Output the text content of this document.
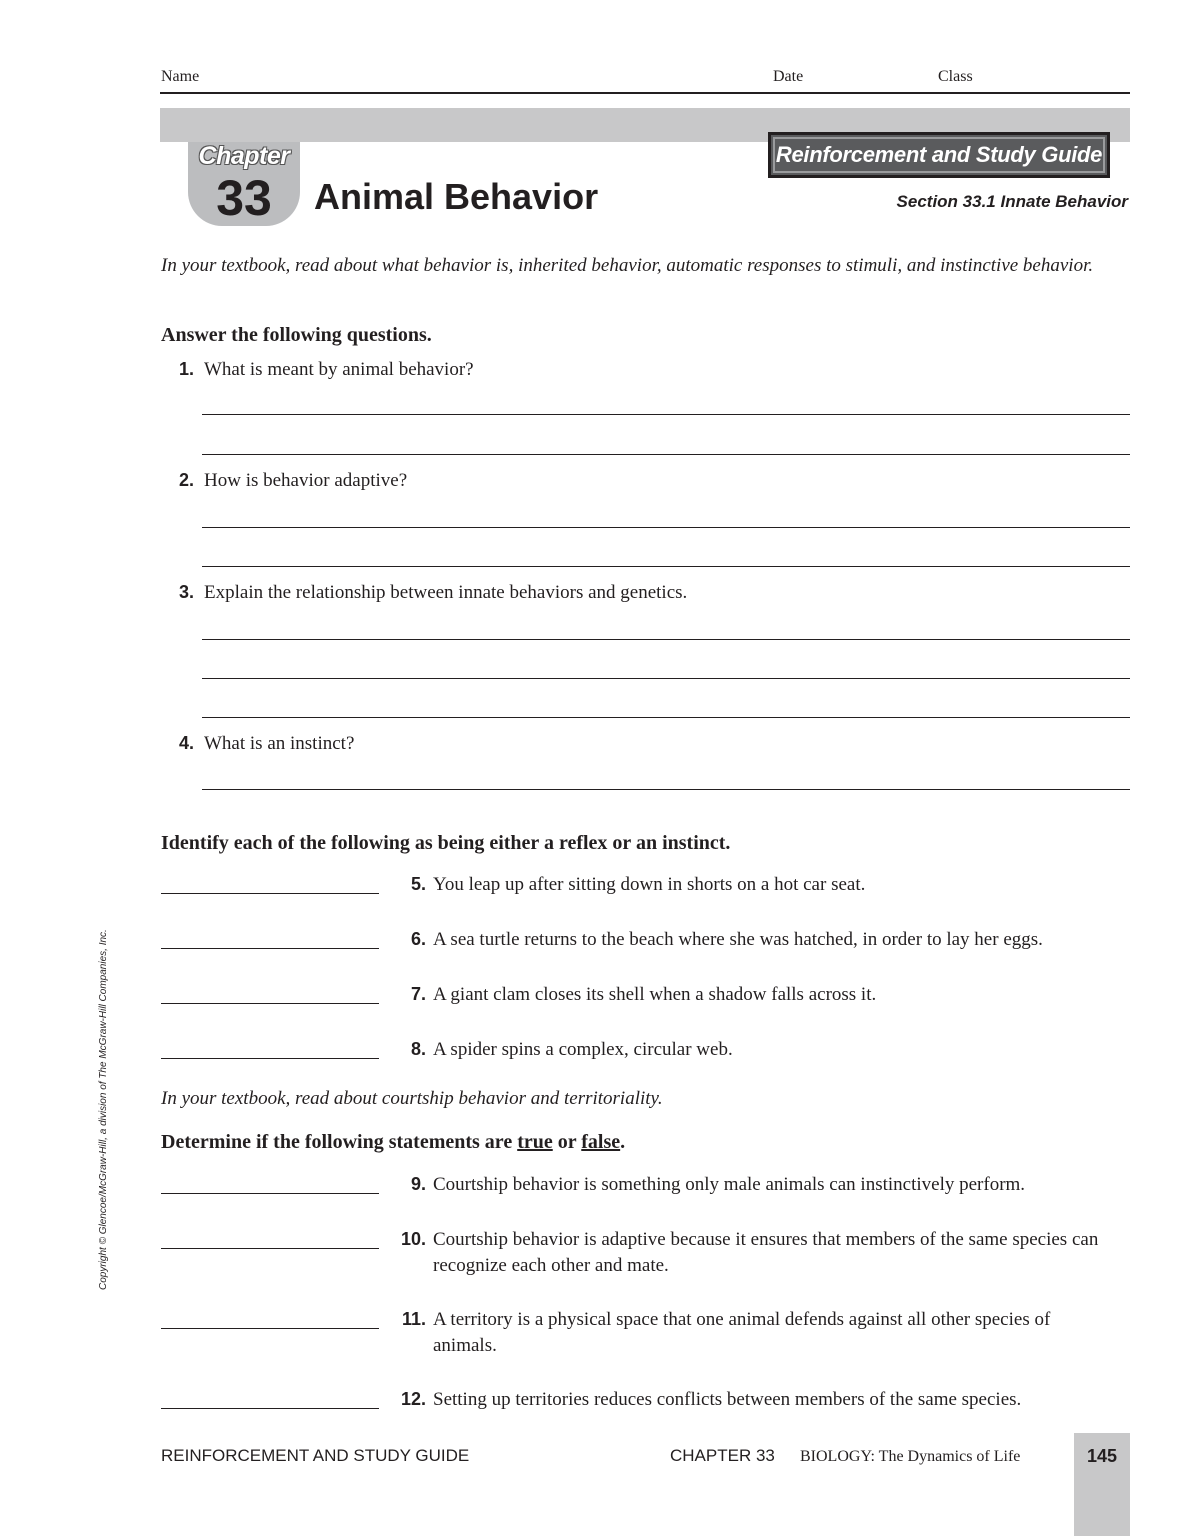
Name	Date	Class
Chapter
33	Animal Behavior
Reinforcement and Study Guide
Section 33.1 Innate Behavior
In your textbook, read about what behavior is, inherited behavior, automatic responses to stimuli, and instinctive behavior.
Answer the following questions.
1. What is meant by animal behavior?
2. How is behavior adaptive?
3. Explain the relationship between innate behaviors and genetics.
4. What is an instinct?
Identify each of the following as being either a reflex or an instinct.
5. You leap up after sitting down in shorts on a hot car seat.
6. A sea turtle returns to the beach where she was hatched, in order to lay her eggs.
7. A giant clam closes its shell when a shadow falls across it.
8. A spider spins a complex, circular web.
In your textbook, read about courtship behavior and territoriality.
Determine if the following statements are true or false.
9. Courtship behavior is something only male animals can instinctively perform.
10. Courtship behavior is adaptive because it ensures that members of the same species can recognize each other and mate.
11. A territory is a physical space that one animal defends against all other species of animals.
12. Setting up territories reduces conflicts between members of the same species.
Copyright © Glencoe/McGraw-Hill, a division of The McGraw-Hill Companies, Inc.
REINFORCEMENT AND STUDY GUIDE	CHAPTER 33 BIOLOGY: The Dynamics of Life	145
